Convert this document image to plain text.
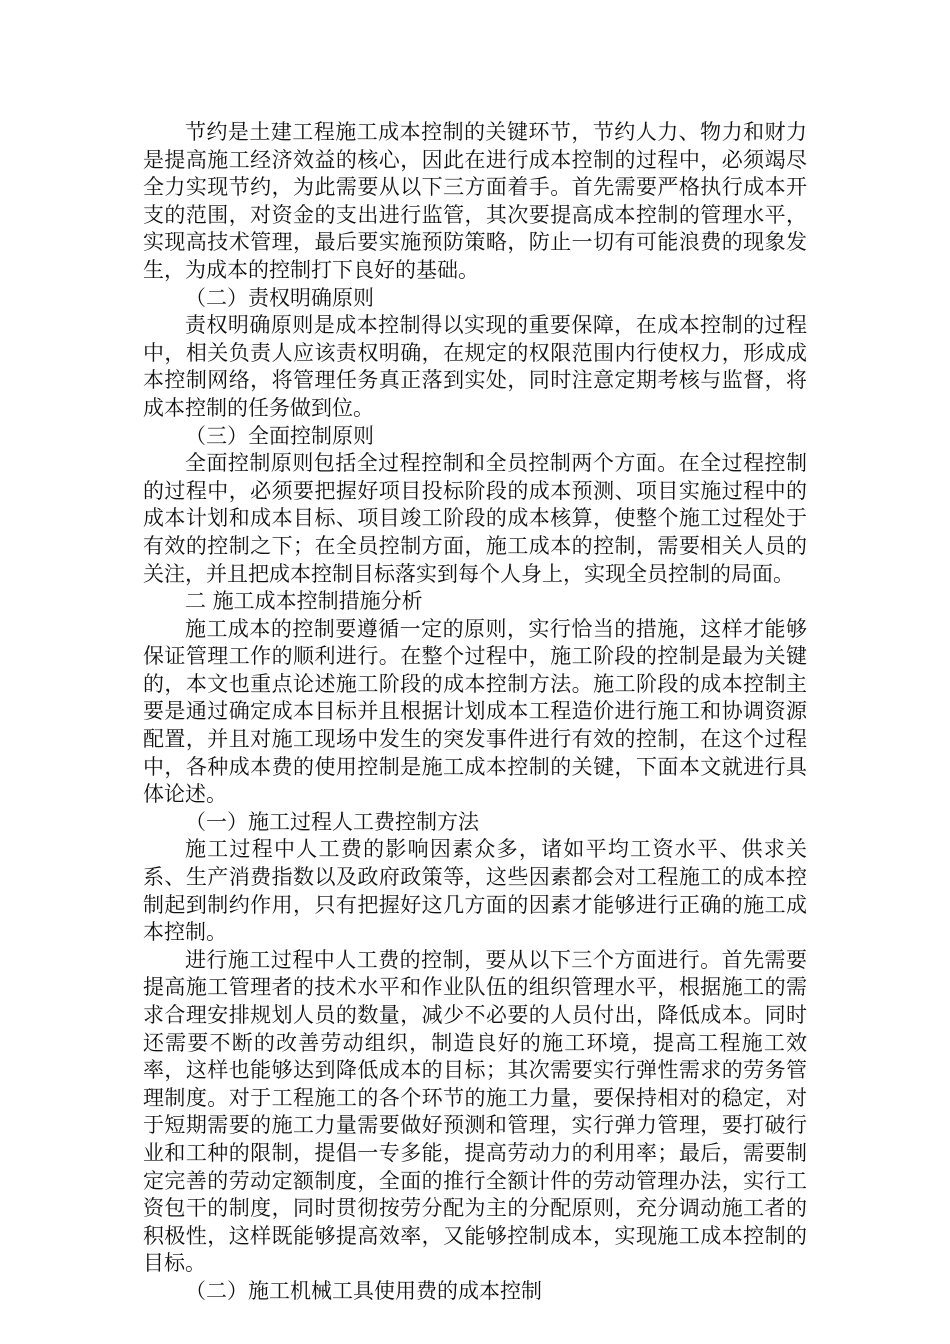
节约是土建工程施工成本控制的关键环节，节约人力、物力和财力是提高施工经济效益的核心，因此在进行成本控制的过程中，必须竭尽全力实现节约，为此需要从以下三方面着手。首先需要严格执行成本开支的范围，对资金的支出进行监管，其次要提高成本控制的管理水平，实现高技术管理，最后要实施预防策略，防止一切有可能浪费的现象发生，为成本的控制打下良好的基础。

（二）责权明确原则

责权明确原则是成本控制得以实现的重要保障，在成本控制的过程中，相关负责人应该责权明确，在规定的权限范围内行使权力，形成成本控制网络，将管理任务真正落到实处，同时注意定期考核与监督，将成本控制的任务做到位。

（三）全面控制原则

全面控制原则包括全过程控制和全员控制两个方面。在全过程控制的过程中，必须要把握好项目投标阶段的成本预测、项目实施过程中的成本计划和成本目标、项目竣工阶段的成本核算，使整个施工过程处于有效的控制之下；在全员控制方面，施工成本的控制，需要相关人员的关注，并且把成本控制目标落实到每个人身上，实现全员控制的局面。

二 施工成本控制措施分析

施工成本的控制要遵循一定的原则，实行恰当的措施，这样才能够保证管理工作的顺利进行。在整个过程中，施工阶段的控制是最为关键的，本文也重点论述施工阶段的成本控制方法。施工阶段的成本控制主要是通过确定成本目标并且根据计划成本工程造价进行施工和协调资源配置，并且对施工现场中发生的突发事件进行有效的控制，在这个过程中，各种成本费的使用控制是施工成本控制的关键，下面本文就进行具体论述。

（一）施工过程人工费控制方法

施工过程中人工费的影响因素众多，诸如平均工资水平、供求关系、生产消费指数以及政府政策等，这些因素都会对工程施工的成本控制起到制约作用，只有把握好这几方面的因素才能够进行正确的施工成本控制。

进行施工过程中人工费的控制，要从以下三个方面进行。首先需要提高施工管理者的技术水平和作业队伍的组织管理水平，根据施工的需求合理安排规划人员的数量，减少不必要的人员付出，降低成本。同时还需要不断的改善劳动组织，制造良好的施工环境，提高工程施工效率，这样也能够达到降低成本的目标；其次需要实行弹性需求的劳务管理制度。对于工程施工的各个环节的施工力量，要保持相对的稳定，对于短期需要的施工力量需要做好预测和管理，实行弹力管理，要打破行业和工种的限制，提倡一专多能，提高劳动力的利用率；最后，需要制定完善的劳动定额制度，全面的推行全额计件的劳动管理办法，实行工资包干的制度，同时贯彻按劳分配为主的分配原则，充分调动施工者的积极性，这样既能够提高效率，又能够控制成本，实现施工成本控制的目标。

（二）施工机械工具使用费的成本控制
